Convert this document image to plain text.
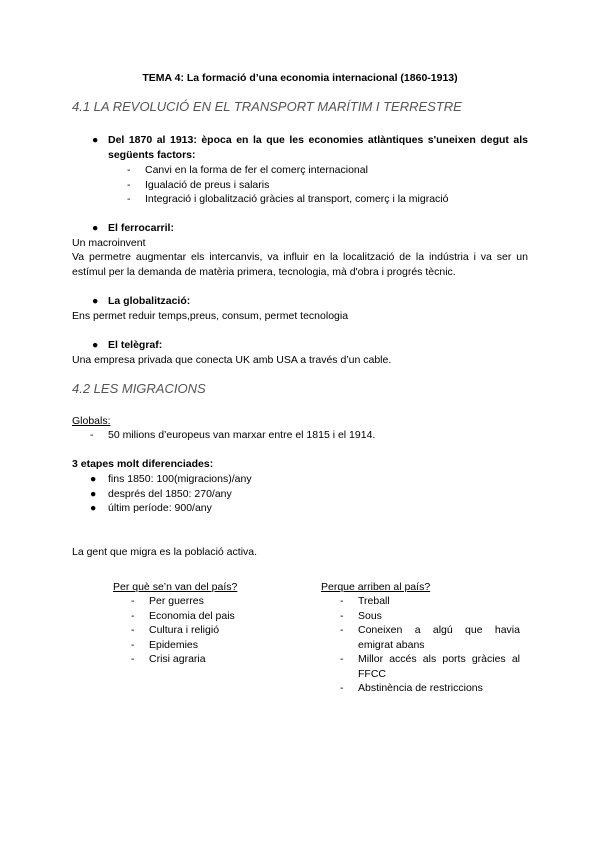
TEMA 4: La formació d’una economia internacional (1860-1913)
4.1 LA REVOLUCIÓ EN EL TRANSPORT MARÍTIM I TERRESTRE
● Del 1870 al 1913: època en la que les economies atlàntiques s'uneixen degut als següents factors:
- Canvi en la forma de fer el comerç internacional
- Igualació de preus i salaris
- Integració i globalització gràcies al transport, comerç i la migració
● El ferrocarril:
Un macroinvent
Va permetre augmentar els intercanvis, va influir en la localització de la indústria i va ser un estímul per la demanda de matèria primera, tecnologia, mà d'obra i progrés tècnic.
● La globalització:
Ens permet reduir temps,preus, consum, permet tecnologia
● El telègraf:
Una empresa privada que conecta UK amb USA a través d’un cable.
4.2 LES MIGRACIONS
Globals:
- 50 milions d’europeus van marxar entre el 1815 i el 1914.
3 etapes molt diferenciades:
● fins 1850: 100(migracions)/any
● després del 1850: 270/any
● últim període: 900/any
La gent que migra es la població activa.
Per què se’n van del país?
- Per guerres
- Economia del pais
- Cultura i religió
- Epidemies
- Crisi agraria
Perque arriben al país?
- Treball
- Sous
- Coneixen a algú que havia emigrat abans
- Millor accés als ports gràcies al FFCC
- Abstinència de restriccions
